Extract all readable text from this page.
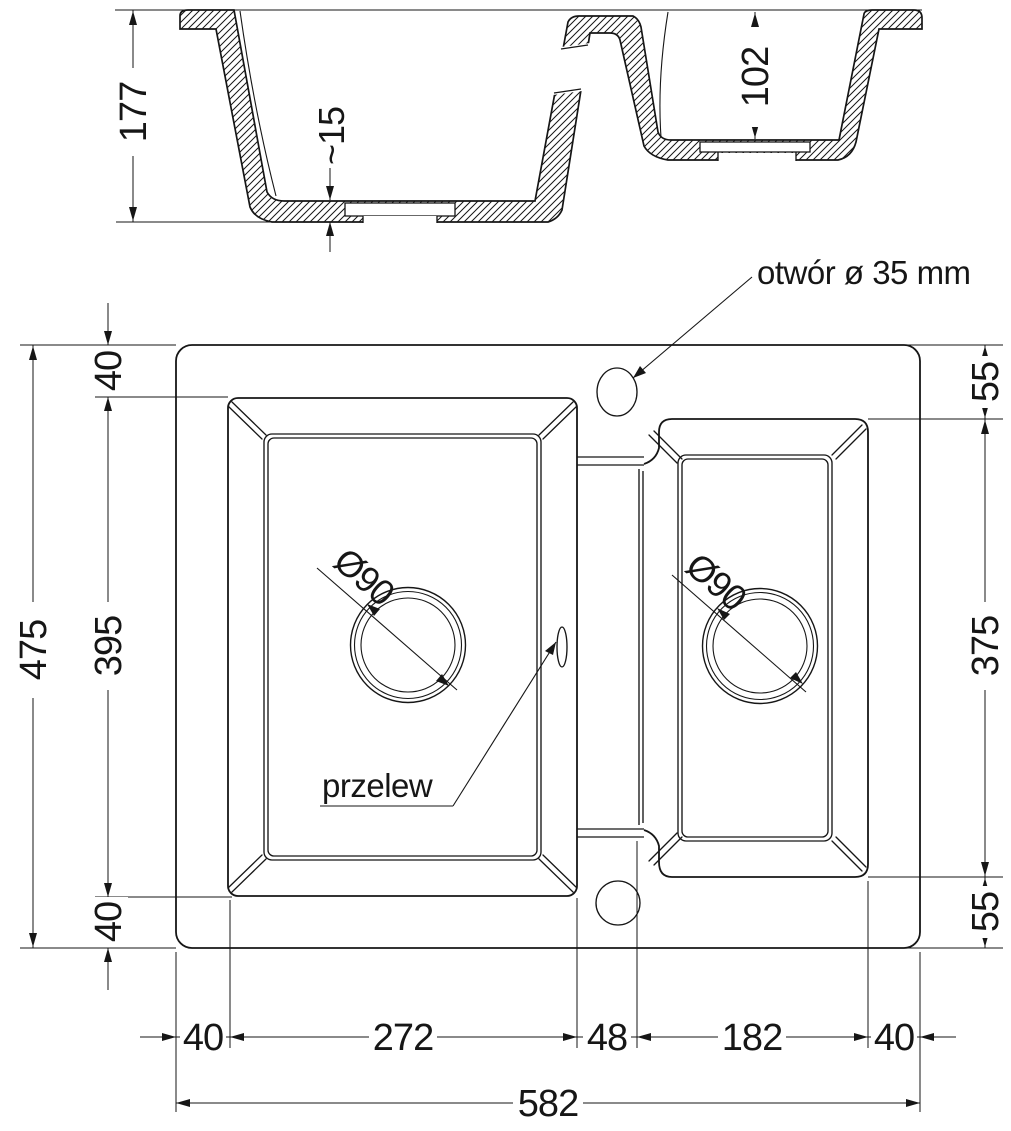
177	~15
102
Ø90	Ø90
przelew
otwór ø 35 mm
475
40
395
40
55
375
55
40	272	48 182 40
582
